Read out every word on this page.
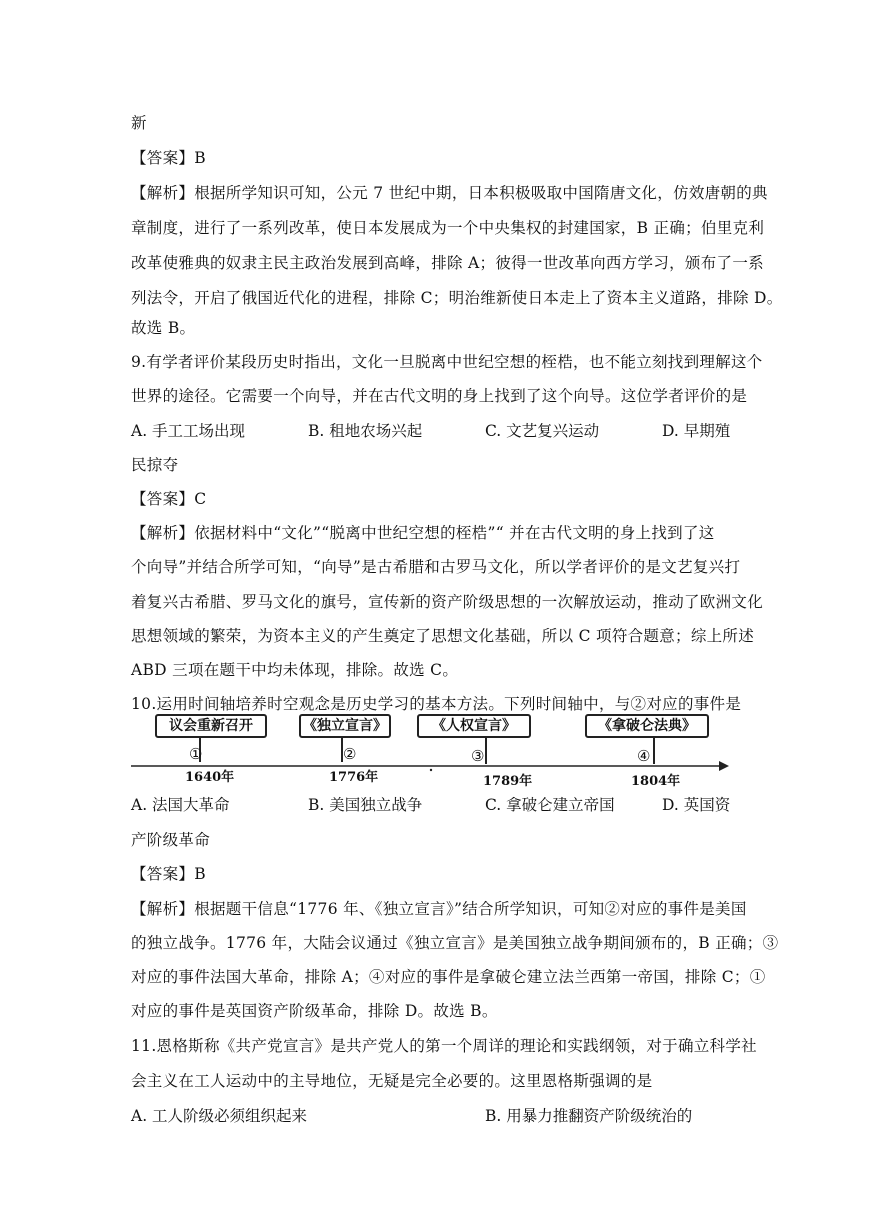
新
【答案】B
【解析】根据所学知识可知，公元 7 世纪中期，日本积极吸取中国隋唐文化，仿效唐朝的典
章制度，进行了一系列改革，使日本发展成为一个中央集权的封建国家，B 正确；伯里克利
改革使雅典的奴隶主民主政治发展到高峰，排除 A；彼得一世改革向西方学习，颁布了一系
列法令，开启了俄国近代化的进程，排除 C；明治维新使日本走上了资本主义道路，排除 D。
故选 B。
9.有学者评价某段历史时指出，文化一旦脱离中世纪空想的桎梏，也不能立刻找到理解这个
世界的途径。它需要一个向导，并在古代文明的身上找到了这个向导。这位学者评价的是
A. 手工工场出现	B. 租地农场兴起	C. 文艺复兴运动	D. 早期殖
民掠夺
【答案】C
【解析】依据材料中“文化”“脱离中世纪空想的桎梏”“ 并在古代文明的身上找到了这
个向导”并结合所学可知，“向导”是古希腊和古罗马文化，所以学者评价的是文艺复兴打
着复兴古希腊、罗马文化的旗号，宣传新的资产阶级思想的一次解放运动，推动了欧洲文化
思想领域的繁荣，为资本主义的产生奠定了思想文化基础，所以 C 项符合题意；综上所述
ABD 三项在题干中均未体现，排除。故选 C。
10.运用时间轴培养时空观念是历史学习的基本方法。下列时间轴中，与②对应的事件是
议会重新召开
①
1640年
《独立宣言》
②
1776年
《人权宣言》
③
1789年
《拿破仑法典》
④
1804年
A. 法国大革命	B. 美国独立战争	C. 拿破仑建立帝国	D. 英国资
产阶级革命
【答案】B
【解析】根据题干信息“1776 年、《独立宣言》”结合所学知识，可知②对应的事件是美国
的独立战争。1776 年，大陆会议通过《独立宣言》是美国独立战争期间颁布的，B 正确；③
对应的事件法国大革命，排除 A；④对应的事件是拿破仑建立法兰西第一帝国，排除 C；①
对应的事件是英国资产阶级革命，排除 D。故选 B。
11.恩格斯称《共产党宣言》是共产党人的第一个周详的理论和实践纲领，对于确立科学社
会主义在工人运动中的主导地位，无疑是完全必要的。这里恩格斯强调的是
A. 工人阶级必须组织起来	B. 用暴力推翻资产阶级统治的
